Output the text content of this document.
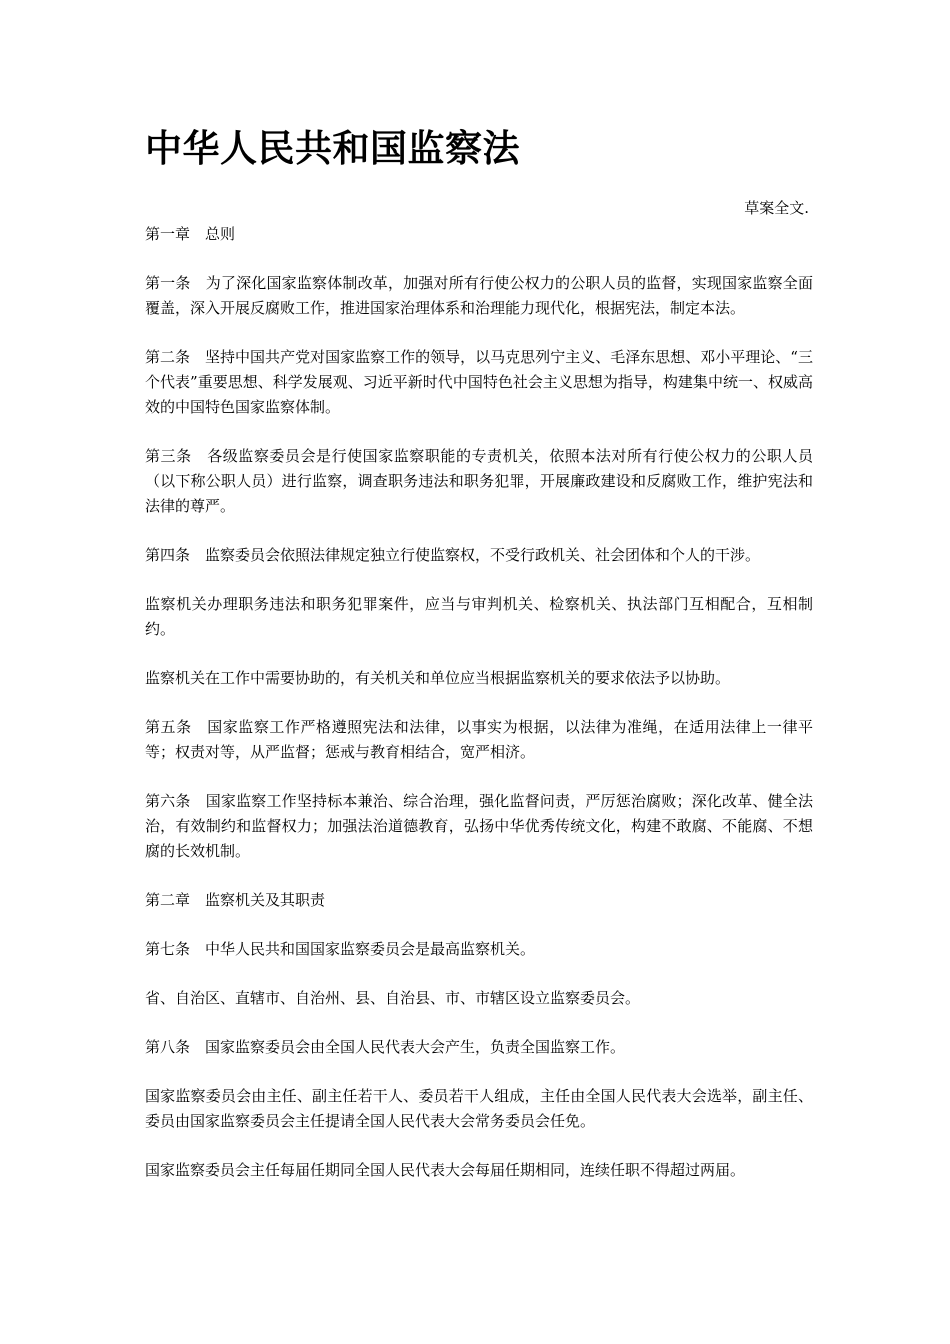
中华人民共和国监察法
草案全文.

第一章　总则

第一条　为了深化国家监察体制改革，加强对所有行使公权力的公职人员的监督，实现国家监察全面覆盖，深入开展反腐败工作，推进国家治理体系和治理能力现代化，根据宪法，制定本法。

第二条　坚持中国共产党对国家监察工作的领导，以马克思列宁主义、毛泽东思想、邓小平理论、“三个代表”重要思想、科学发展观、习近平新时代中国特色社会主义思想为指导，构建集中统一、权威高效的中国特色国家监察体制。

第三条　各级监察委员会是行使国家监察职能的专责机关，依照本法对所有行使公权力的公职人员（以下称公职人员）进行监察，调查职务违法和职务犯罪，开展廉政建设和反腐败工作，维护宪法和法律的尊严。

第四条　监察委员会依照法律规定独立行使监察权，不受行政机关、社会团体和个人的干涉。

监察机关办理职务违法和职务犯罪案件，应当与审判机关、检察机关、执法部门互相配合，互相制约。

监察机关在工作中需要协助的，有关机关和单位应当根据监察机关的要求依法予以协助。

第五条　国家监察工作严格遵照宪法和法律，以事实为根据，以法律为准绳，在适用法律上一律平等；权责对等，从严监督；惩戒与教育相结合，宽严相济。

第六条　国家监察工作坚持标本兼治、综合治理，强化监督问责，严厉惩治腐败；深化改革、健全法治，有效制约和监督权力；加强法治道德教育，弘扬中华优秀传统文化，构建不敢腐、不能腐、不想腐的长效机制。

第二章　监察机关及其职责

第七条　中华人民共和国国家监察委员会是最高监察机关。

省、自治区、直辖市、自治州、县、自治县、市、市辖区设立监察委员会。

第八条　国家监察委员会由全国人民代表大会产生，负责全国监察工作。

国家监察委员会由主任、副主任若干人、委员若干人组成，主任由全国人民代表大会选举，副主任、委员由国家监察委员会主任提请全国人民代表大会常务委员会任免。

国家监察委员会主任每届任期同全国人民代表大会每届任期相同，连续任职不得超过两届。
